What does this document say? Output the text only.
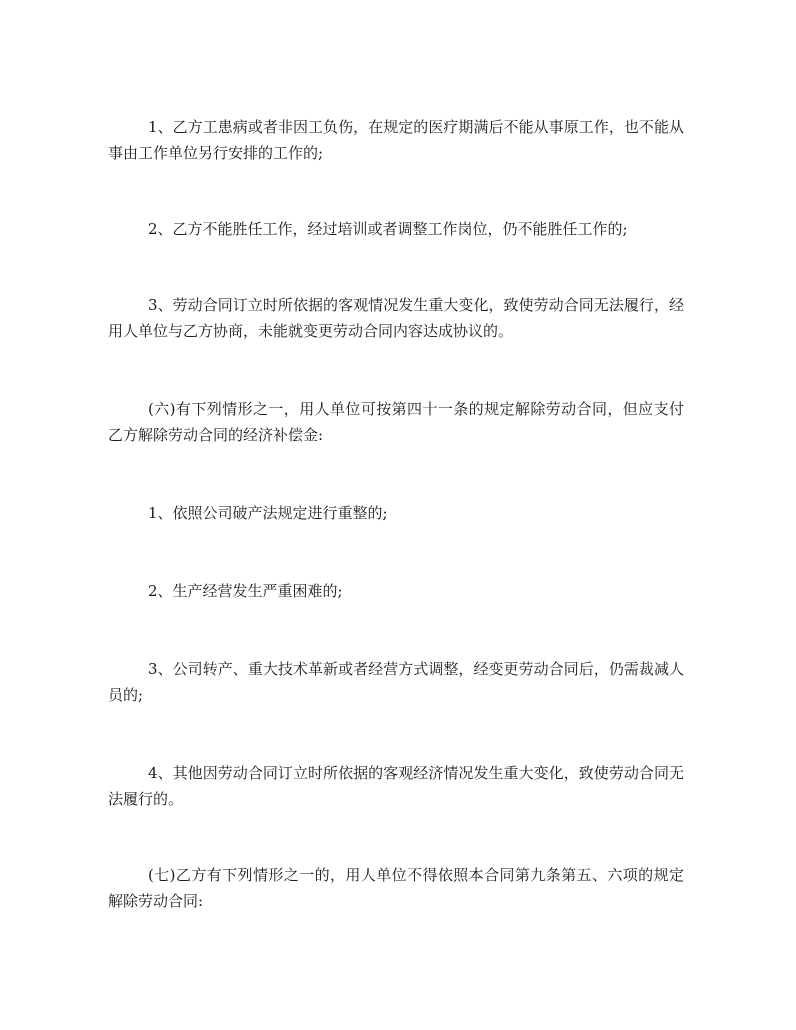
1、乙方工患病或者非因工负伤，在规定的医疗期满后不能从事原工作，也不能从事由工作单位另行安排的工作的;

2、乙方不能胜任工作，经过培训或者调整工作岗位，仍不能胜任工作的;

3、劳动合同订立时所依据的客观情况发生重大变化，致使劳动合同无法履行，经用人单位与乙方协商，未能就变更劳动合同内容达成协议的。

(六)有下列情形之一，用人单位可按第四十一条的规定解除劳动合同，但应支付乙方解除劳动合同的经济补偿金:

1、依照公司破产法规定进行重整的;

2、生产经营发生严重困难的;

3、公司转产、重大技术革新或者经营方式调整，经变更劳动合同后，仍需裁减人员的;

4、其他因劳动合同订立时所依据的客观经济情况发生重大变化，致使劳动合同无法履行的。

(七)乙方有下列情形之一的，用人单位不得依照本合同第九条第五、六项的规定解除劳动合同:
